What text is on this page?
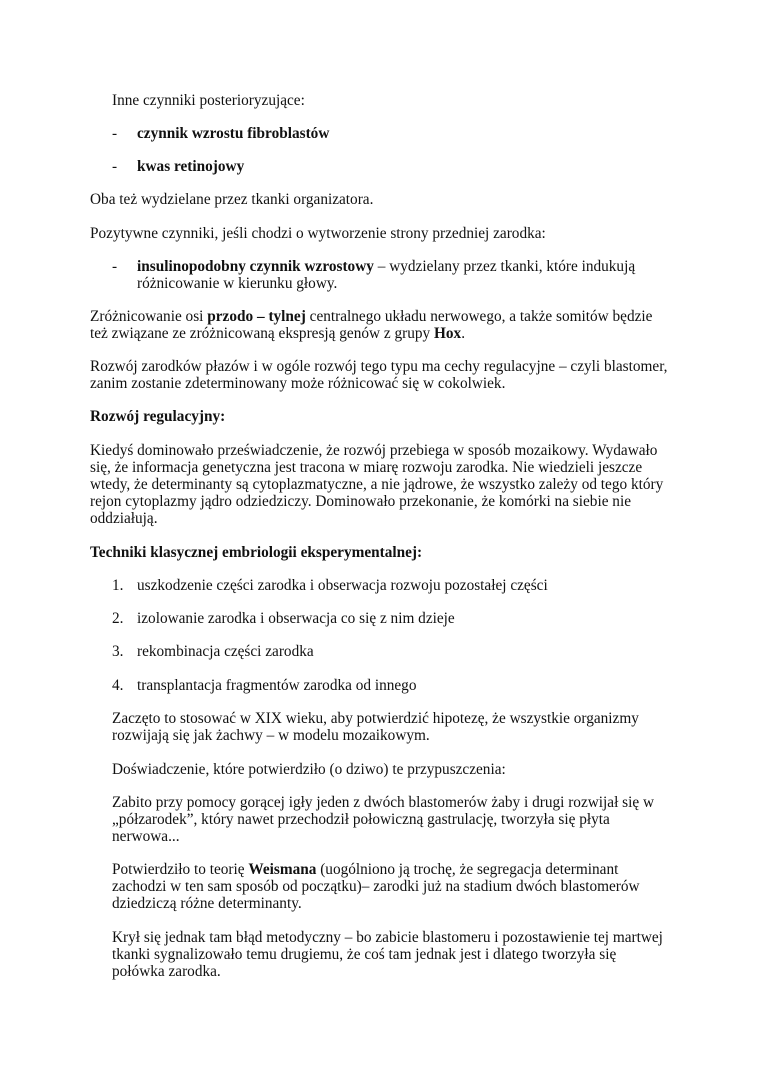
Inne czynniki posterioryzujące:
- czynnik wzrostu fibroblastów
- kwas retinojowy
Oba też wydzielane przez tkanki organizatora.
Pozytywne czynniki, jeśli chodzi o wytworzenie strony przedniej zarodka:
- insulinopodobny czynnik wzrostowy – wydzielany przez tkanki, które indukują
różnicowanie w kierunku głowy.
Zróżnicowanie osi przodo – tylnej centralnego układu nerwowego, a także somitów będzie
też związane ze zróżnicowaną ekspresją genów z grupy Hox.
Rozwój zarodków płazów i w ogóle rozwój tego typu ma cechy regulacyjne – czyli blastomer,
zanim zostanie zdeterminowany może różnicować się w cokolwiek.
Rozwój regulacyjny:
Kiedyś dominowało przeświadczenie, że rozwój przebiega w sposób mozaikowy. Wydawało
się, że informacja genetyczna jest tracona w miarę rozwoju zarodka. Nie wiedzieli jeszcze
wtedy, że determinanty są cytoplazmatyczne, a nie jądrowe, że wszystko zależy od tego który
rejon cytoplazmy jądro odziedziczy. Dominowało przekonanie, że komórki na siebie nie
oddziałują.
Techniki klasycznej embriologii eksperymentalnej:
1. uszkodzenie części zarodka i obserwacja rozwoju pozostałej części
2. izolowanie zarodka i obserwacja co się z nim dzieje
3. rekombinacja części zarodka
4. transplantacja fragmentów zarodka od innego
Zaczęto to stosować w XIX wieku, aby potwierdzić hipotezę, że wszystkie organizmy
rozwijają się jak żachwy – w modelu mozaikowym.
Doświadczenie, które potwierdziło (o dziwo) te przypuszczenia:
Zabito przy pomocy gorącej igły jeden z dwóch blastomerów żaby i drugi rozwijał się w
„półzarodek”, który nawet przechodził połowiczną gastrulację, tworzyła się płyta
nerwowa...
Potwierdziło to teorię Weismana (uogólniono ją trochę, że segregacja determinant
zachodzi w ten sam sposób od początku)– zarodki już na stadium dwóch blastomerów
dziedziczą różne determinanty.
Krył się jednak tam błąd metodyczny – bo zabicie blastomeru i pozostawienie tej martwej
tkanki sygnalizowało temu drugiemu, że coś tam jednak jest i dlatego tworzyła się
połówka zarodka.
